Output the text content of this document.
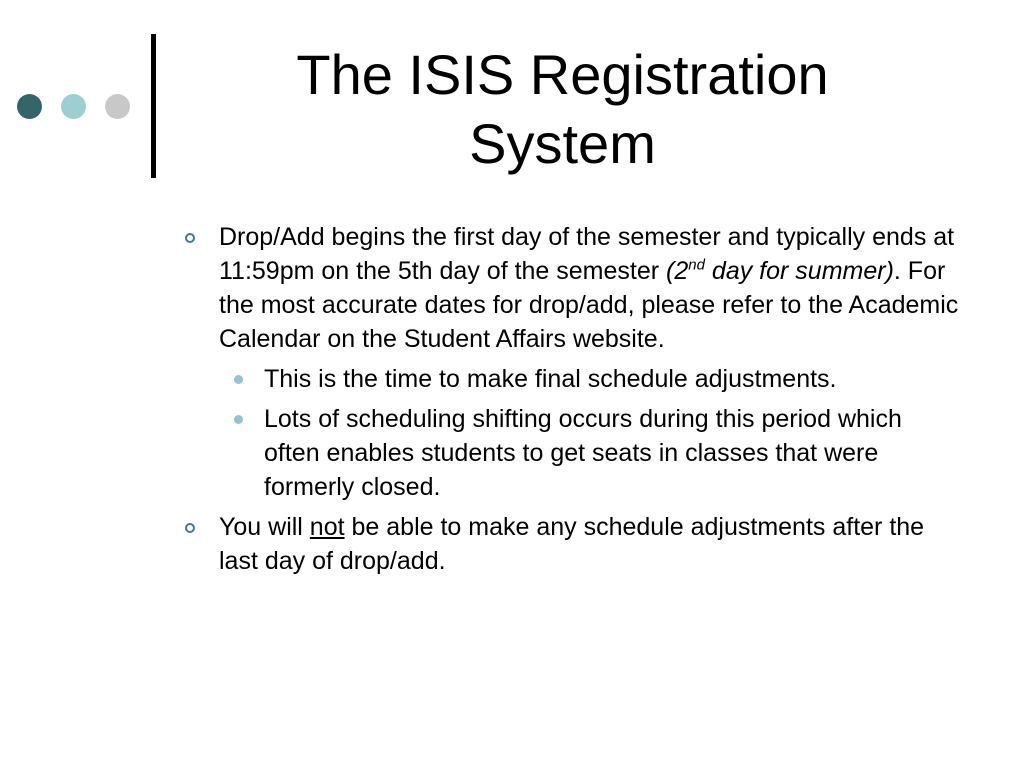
The ISIS Registration
System
Drop/Add begins the first day of the semester and typically ends at 11:59pm on the 5th day of the semester (2nd day for summer). For the most accurate dates for drop/add, please refer to the Academic Calendar on the Student Affairs website.
This is the time to make final schedule adjustments.
Lots of scheduling shifting occurs during this period which often enables students to get seats in classes that were formerly closed.
You will not be able to make any schedule adjustments after the last day of drop/add.
